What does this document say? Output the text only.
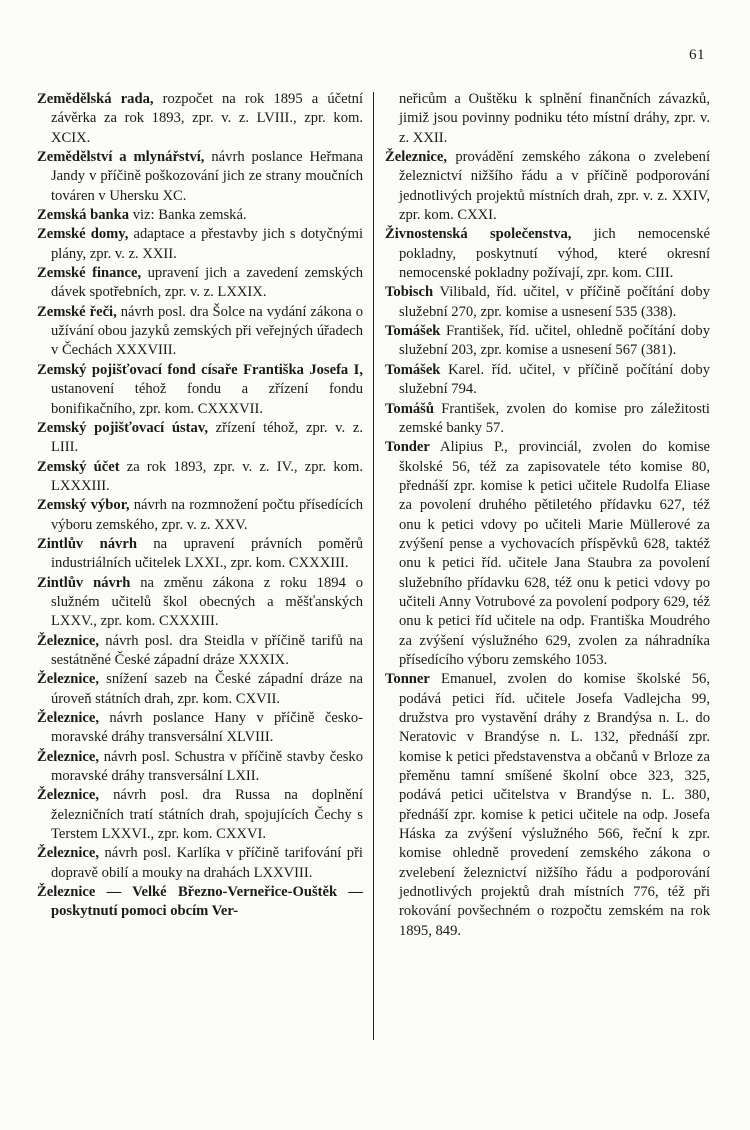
61

Zemědělská rada, rozpočet na rok 1895 a účetní závěrka za rok 1893, zpr. v. z. LVIII., zpr. kom. XCIX.

Zemědělství a mlynářství, návrh poslance Heřmana Jandy v příčině poškozování jich ze strany moučních továren v Uhersku XC.

Zemská banka viz: Banka zemská.

Zemské domy, adaptace a přestavby jich s dotyčnými plány, zpr. v. z. XXII.

Zemské finance, upravení jich a zavedení zemských dávek spotřebních, zpr. v. z. LXXIX.

Zemské řeči, návrh posl. dra Šolce na vydání zákona o užívání obou jazyků zemských při veřejných úřadech v Čechách XXXVIII.

Zemský pojišťovací fond císaře Františka Josefa I, ustanovení téhož fondu a zřízení fondu bonifikačního, zpr. kom. CXXXVII.

Zemský pojišťovací ústav, zřízení téhož, zpr. v. z. LIII.

Zemský účet za rok 1893, zpr. v. z. IV., zpr. kom. LXXXIII.

Zemský výbor, návrh na rozmnožení počtu přísedících výboru zemského, zpr. v. z. XXV.

Zintlův návrh na upravení právních poměrů industriálních učitelek LXXI., zpr. kom. CXXXIII.

Zintlův návrh na změnu zákona z roku 1894 o služném učitelů škol obecných a měšťanských LXXV., zpr. kom. CXXXIII.

Železnice, návrh posl. dra Steidla v příčině tarifů na sestátněné České západní dráze XXXIX.

Železnice, snížení sazeb na České západní dráze na úroveň státních drah, zpr. kom. CXVII.

Železnice, návrh poslance Hany v příčině česko-moravské dráhy transversální XLVIII.

Železnice, návrh posl. Schustra v příčině stavby česko moravské dráhy transversální LXII.

Železnice, návrh posl. dra Russa na doplnění železničních tratí státních drah, spojujících Čechy s Terstem LXXVI., zpr. kom. CXXVI.

Železnice, návrh posl. Karlíka v příčině tarifování při dopravě obilí a mouky na drahách LXXVIII.

Železnice — Velké Březno-Verneřice-Ouštěk — poskytnutí pomoci obcím Ver-

neřicům a Ouštěku k splnění finančních závazků, jimiž jsou povinny podniku této místní dráhy, zpr. v. z. XXII.

Železnice, provádění zemského zákona o zvelebení železnictví nižšího řádu a v příčině podporování jednotlivých projektů místních drah, zpr. v. z. XXIV, zpr. kom. CXXI.

Živnostenská společenstva, jich nemocenské pokladny, poskytnutí výhod, které okresní nemocenské pokladny požívají, zpr. kom. CIII.

Tobisch Vilibald, říd. učitel, v příčině počítání doby služební 270, zpr. komise a usnesení 535 (338).

Tomášek František, říd. učitel, ohledně počítání doby služební 203, zpr. komise a usnesení 567 (381).

Tomášek Karel. říd. učitel, v příčině počítání doby služební 794.

Tomášů František, zvolen do komise pro záležitosti zemské banky 57.

Tonder Alipius P., provinciál, zvolen do komise školské 56, též za zapisovatele této komise 80, přednáší zpr. komise k petici učitele Rudolfa Eliase za povolení druhého pětiletého přídavku 627, též onu k petici vdovy po učiteli Marie Müllerové za zvýšení pense a vychovacích příspěvků 628, taktéž onu k petici říd. učitele Jana Staubra za povolení služebního přídavku 628, též onu k petici vdovy po učiteli Anny Votrubové za povolení podpory 629, též onu k petici říd učitele na odp. Františka Moudrého za zvýšení výslužného 629, zvolen za náhradníka přísedícího výboru zemského 1053.

Tonner Emanuel, zvolen do komise školské 56, podává petici říd. učitele Josefa Vadlejcha 99, družstva pro vystavění dráhy z Brandýsa n. L. do Neratovic v Brandýse n. L. 132, přednáší zpr. komise k petici představenstva a občanů v Brloze za přeměnu tamní smíšené školní obce 323, 325, podává petici učitelstva v Brandýse n. L. 380, přednáší zpr. komise k petici učitele na odp. Josefa Háska za zvýšení výslužného 566, řeční k zpr. komise ohledně provedení zemského zákona o zvelebení železnictví nižšího řádu a podporování jednotlivých projektů drah místních 776, též při rokování povšechném o rozpočtu zemském na rok 1895, 849.
